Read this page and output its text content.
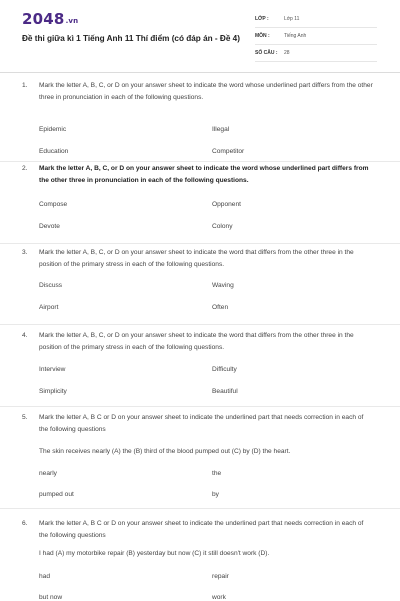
2048.vn
Đề thi giữa kì 1 Tiếng Anh 11 Thí điểm (có đáp án - Đề 4)
LỚP :	Lớp 11
MÔN :	Tiếng Anh
SỐ CÂU : 28
1. Mark the letter A, B, C, or D on your answer sheet to indicate the word whose underlined part differs from the other three in pronunciation in each of the following questions.
Epidemic	Illegal
Education	Competitor
2. Mark the letter A, B, C, or D on your answer sheet to indicate the word whose underlined part differs from the other three in pronunciation in each of the following questions.
Compose	Opponent
Devote	Colony
3. Mark the letter A, B, C, or D on your answer sheet to indicate the word that differs from the other three in the position of the primary stress in each of the following questions.
Discuss	Waving
Airport	Often
4. Mark the letter A, B, C, or D on your answer sheet to indicate the word that differs from the other three in the position of the primary stress in each of the following questions.
Interview	Difficulty
Simplicity	Beautiful
5. Mark the letter A, B C or D on your answer sheet to indicate the underlined part that needs correction in each of the following questions
The skin receives nearly (A) the (B) third of the blood pumped out (C) by (D) the heart.
nearly	the
pumped out	by
6. Mark the letter A, B C or D on your answer sheet to indicate the underlined part that needs correction in each of the following questions
I had (A) my motorbike repair (B) yesterday but now (C) it still doesn't work (D).
had	repair
but now	work
